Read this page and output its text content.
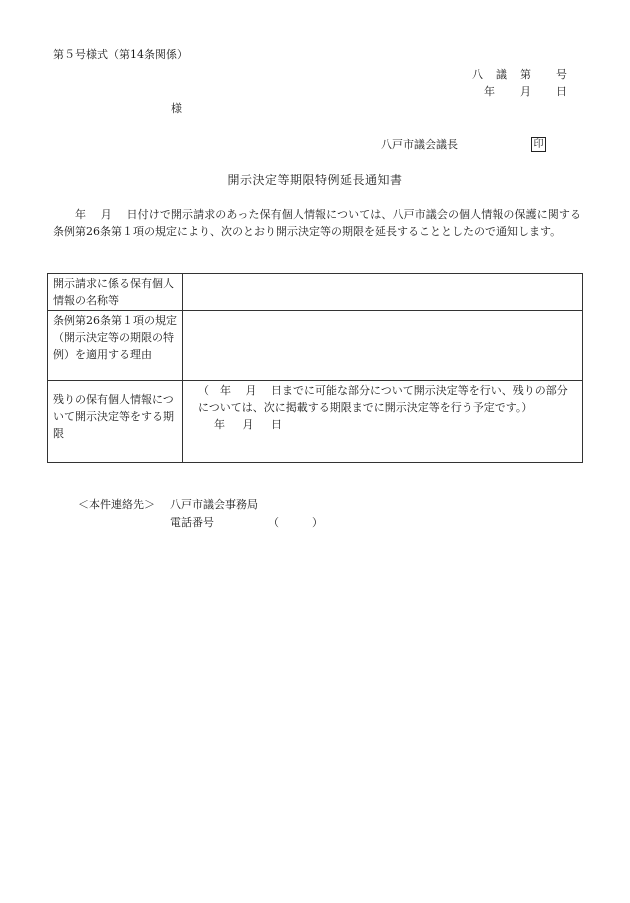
第５号様式（第14条関係）
八　議　第　　号
年　　月　　日
様
八戸市議会議長	印
開示決定等期限特例延長通知書
年　 月　 日付けで開示請求のあった保有個人情報については、八戸市議会の個人情報の保護に関する条例第26条第１項の規定により、次のとおり開示決定等の期限を延長することとしたので通知します。
開示請求に係る保有個人情報の名称等	
条例第26条第１項の規定（開示決定等の期限の特例）を適用する理由	
残りの保有個人情報について開示決定等をする期限	（　年　 月　 日までに可能な部分について開示決定等を行い、残りの部分については、次に掲載する期限までに開示決定等を行う予定です。）
年　 月　 日
＜本件連絡先＞ 八戸市議会事務局
電話番号	（　　　）
